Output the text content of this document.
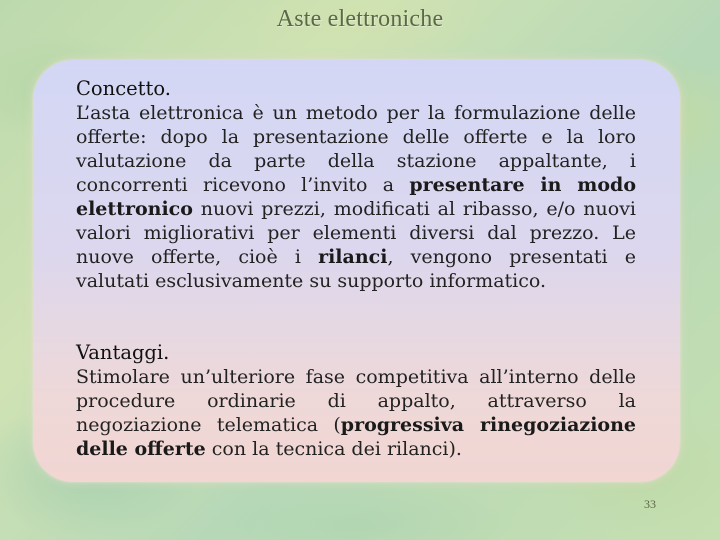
Aste elettroniche
Concetto.
L’asta elettronica è un metodo per la formulazione delle offerte: dopo la presentazione delle offerte e la loro valutazione da parte della stazione appaltante, i concorrenti ricevono l’invito a presentare in modo elettronico nuovi prezzi, modificati al ribasso, e/o nuovi valori migliorativi per elementi diversi dal prezzo. Le nuove offerte, cioè i rilanci, vengono presentati e valutati esclusivamente su supporto informatico.
Vantaggi.
Stimolare un’ulteriore fase competitiva all’interno delle procedure ordinarie di appalto, attraverso la negoziazione telematica (progressiva rinegoziazione delle offerte con la tecnica dei rilanci).
33
